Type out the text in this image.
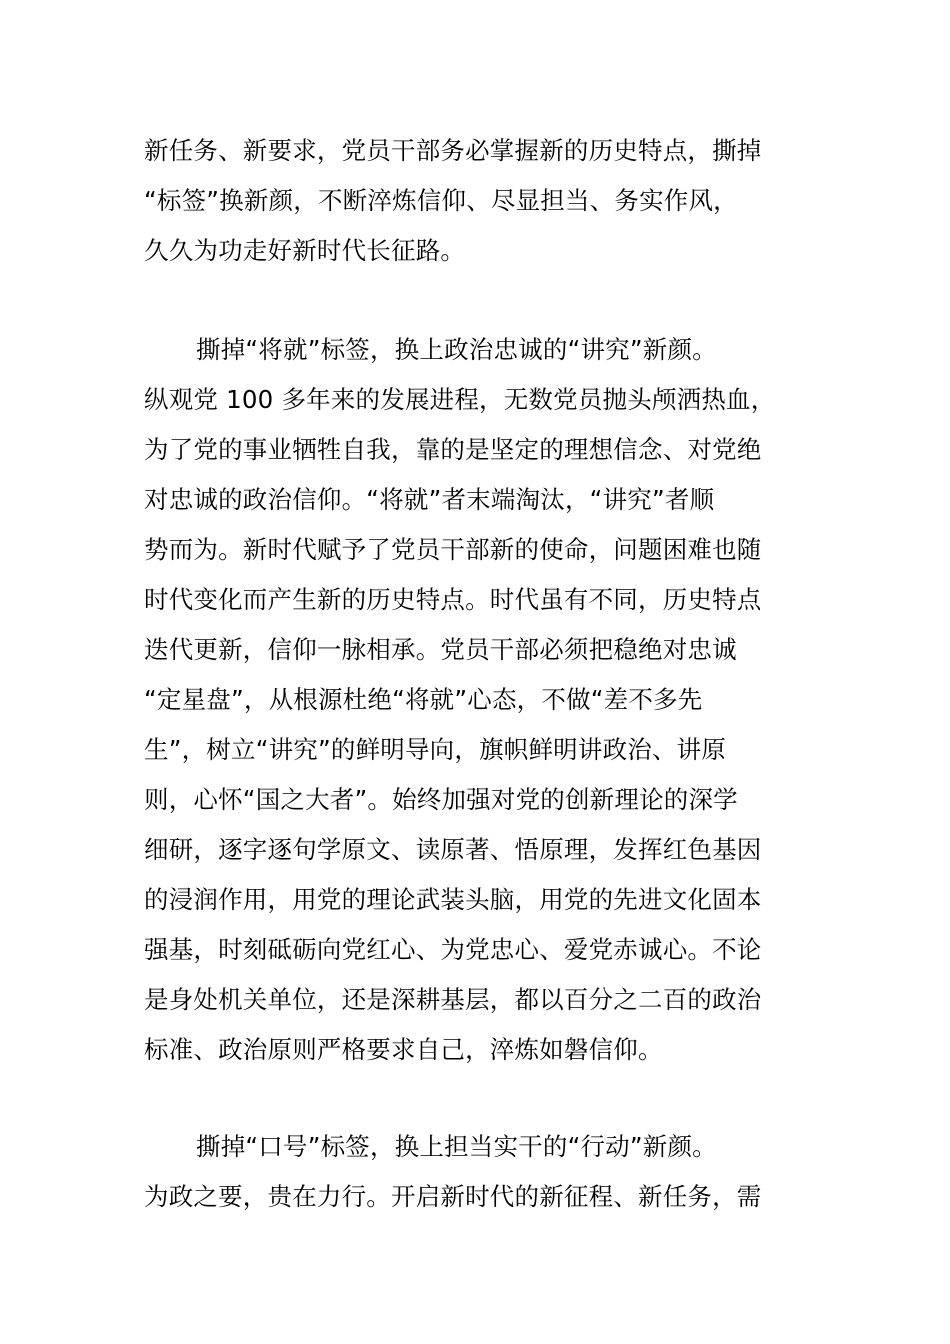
新任务、新要求，党员干部务必掌握新的历史特点，撕掉
“标签”换新颜，不断淬炼信仰、尽显担当、务实作风，
久久为功走好新时代长征路。
撕掉“将就”标签，换上政治忠诚的“讲究”新颜。
纵观党 100 多年来的发展进程，无数党员抛头颅洒热血，
为了党的事业牺牲自我，靠的是坚定的理想信念、对党绝
对忠诚的政治信仰。“将就”者末端淘汰，“讲究”者顺
势而为。新时代赋予了党员干部新的使命，问题困难也随
时代变化而产生新的历史特点。时代虽有不同，历史特点
迭代更新，信仰一脉相承。党员干部必须把稳绝对忠诚
“定星盘”，从根源杜绝“将就”心态，不做“差不多先
生”，树立“讲究”的鲜明导向，旗帜鲜明讲政治、讲原
则，心怀“国之大者”。始终加强对党的创新理论的深学
细研，逐字逐句学原文、读原著、悟原理，发挥红色基因
的浸润作用，用党的理论武装头脑，用党的先进文化固本
强基，时刻砥砺向党红心、为党忠心、爱党赤诚心。不论
是身处机关单位，还是深耕基层，都以百分之二百的政治
标准、政治原则严格要求自己，淬炼如磐信仰。
撕掉“口号”标签，换上担当实干的“行动”新颜。
为政之要，贵在力行。开启新时代的新征程、新任务，需
